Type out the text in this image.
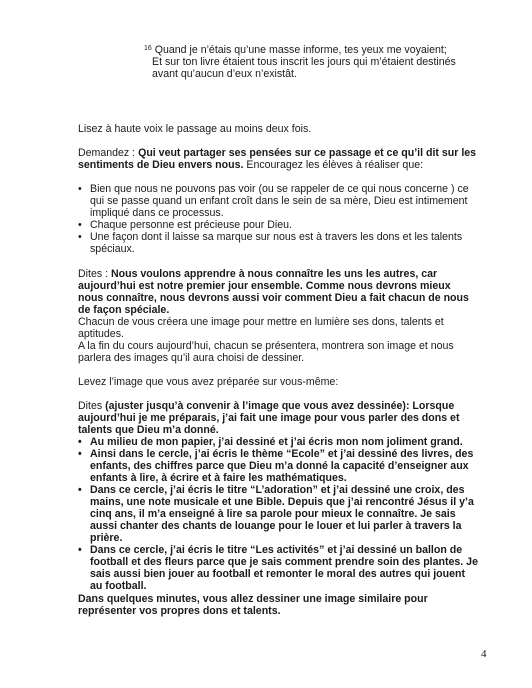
$^{16}$ Quand je n’étais qu’une masse informe, tes yeux me voyaient;
Et sur ton livre étaient tous inscrit les jours qui m’étaient destinés
avant qu’aucun d’eux n’existât.

Lisez à haute voix le passage au moins deux fois.

Demandez : Qui veut partager ses pensées sur ce passage et ce qu’il dit sur les sentiments de Dieu envers nous. Encouragez les élèves à réaliser que:

• Bien que nous ne pouvons pas voir (ou se rappeler de ce qui nous concerne ) ce qui se passe quand un enfant croît dans le sein de sa mère, Dieu est intimement impliqué dans ce processus.
• Chaque personne est précieuse pour Dieu.
• Une façon dont il laisse sa marque sur nous est à travers les dons et les talents spéciaux.

Dites : Nous voulons apprendre à nous connaître les uns les autres, car aujourd’hui est notre premier jour ensemble. Comme nous devrons mieux nous connaître, nous devrons aussi voir comment Dieu a fait chacun de nous de façon spéciale.

Chacun de vous créera une image pour mettre en lumière ses dons, talents et aptitudes.

A la fin du cours aujourd’hui, chacun se présentera, montrera son image et nous parlera des images qu’il aura choisi de dessiner.

Levez l’image que vous avez préparée sur vous-même:

Dites (ajuster jusqu’à convenir à l’image que vous avez dessinée): Lorsque aujourd’hui je me préparais, j’ai fait une image pour vous parler des dons et talents que Dieu m’a donné.

• Au milieu de mon papier, j’ai dessiné et j’ai écris mon nom joliment grand.
• Ainsi dans le cercle, j’ai écris le thème “Ecole” et j’ai dessiné des livres, des enfants, des chiffres parce que Dieu m’a donné la capacité d’enseigner aux enfants à lire, à écrire et à faire les mathématiques.
• Dans ce cercle, j’ai écris le titre “L’adoration” et j’ai dessiné une croix, des mains, une note musicale et une Bible. Depuis que j’ai rencontré Jésus il y’a cinq ans, il m’a enseigné à lire sa parole pour mieux le connaître. Je sais aussi chanter des chants de louange pour le louer et lui parler à travers la prière.
• Dans ce cercle, j’ai écris le titre “Les activités” et j’ai dessiné un ballon de football et des fleurs parce que je sais comment prendre soin des plantes. Je sais aussi bien jouer au football et remonter le moral des autres qui jouent au football.

Dans quelques minutes, vous allez dessiner une image similaire pour représenter vos propres dons et talents.

4
